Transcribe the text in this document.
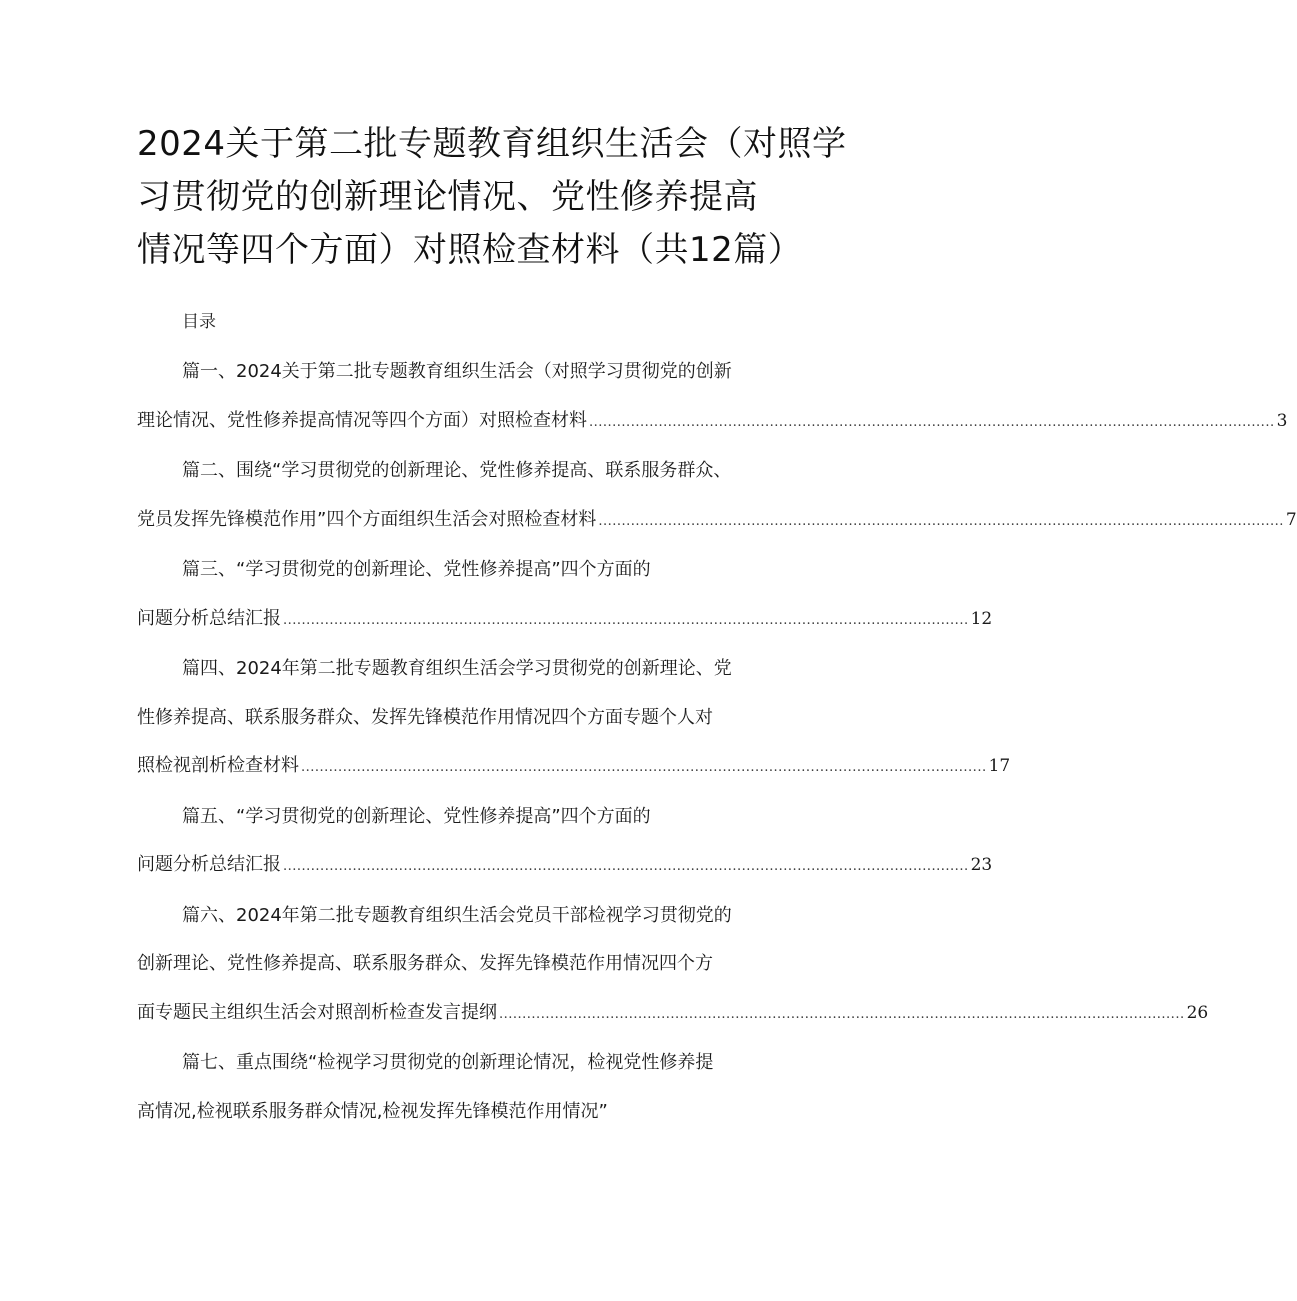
2024关于第二批专题教育组织生活会（对照学
习贯彻党的创新理论情况、党性修养提高
情况等四个方面）对照检查材料（共12篇）

目录

篇一、2024关于第二批专题教育组织生活会（对照学习贯彻党的创新
理论情况、党性修养提高情况等四个方面）对照检查材料 .................................................................................................................................................... 3
篇二、围绕“学习贯彻党的创新理论、党性修养提高、联系服务群众、
党员发挥先锋模范作用”四个方面组织生活会对照检查材料 .................................................................................................................................................... 7
篇三、“学习贯彻党的创新理论、党性修养提高”四个方面的
问题分析总结汇报 .................................................................................................................................................... 12
篇四、2024年第二批专题教育组织生活会学习贯彻党的创新理论、党
性修养提高、联系服务群众、发挥先锋模范作用情况四个方面专题个人对
照检视剖析检查材料 .................................................................................................................................................... 17
篇五、“学习贯彻党的创新理论、党性修养提高”四个方面的
问题分析总结汇报 .................................................................................................................................................... 23
篇六、2024年第二批专题教育组织生活会党员干部检视学习贯彻党的
创新理论、党性修养提高、联系服务群众、发挥先锋模范作用情况四个方
面专题民主组织生活会对照剖析检查发言提纲 .................................................................................................................................................... 26
篇七、重点围绕“检视学习贯彻党的创新理论情况，检视党性修养提
高情况,检视联系服务群众情况,检视发挥先锋模范作用情况”
